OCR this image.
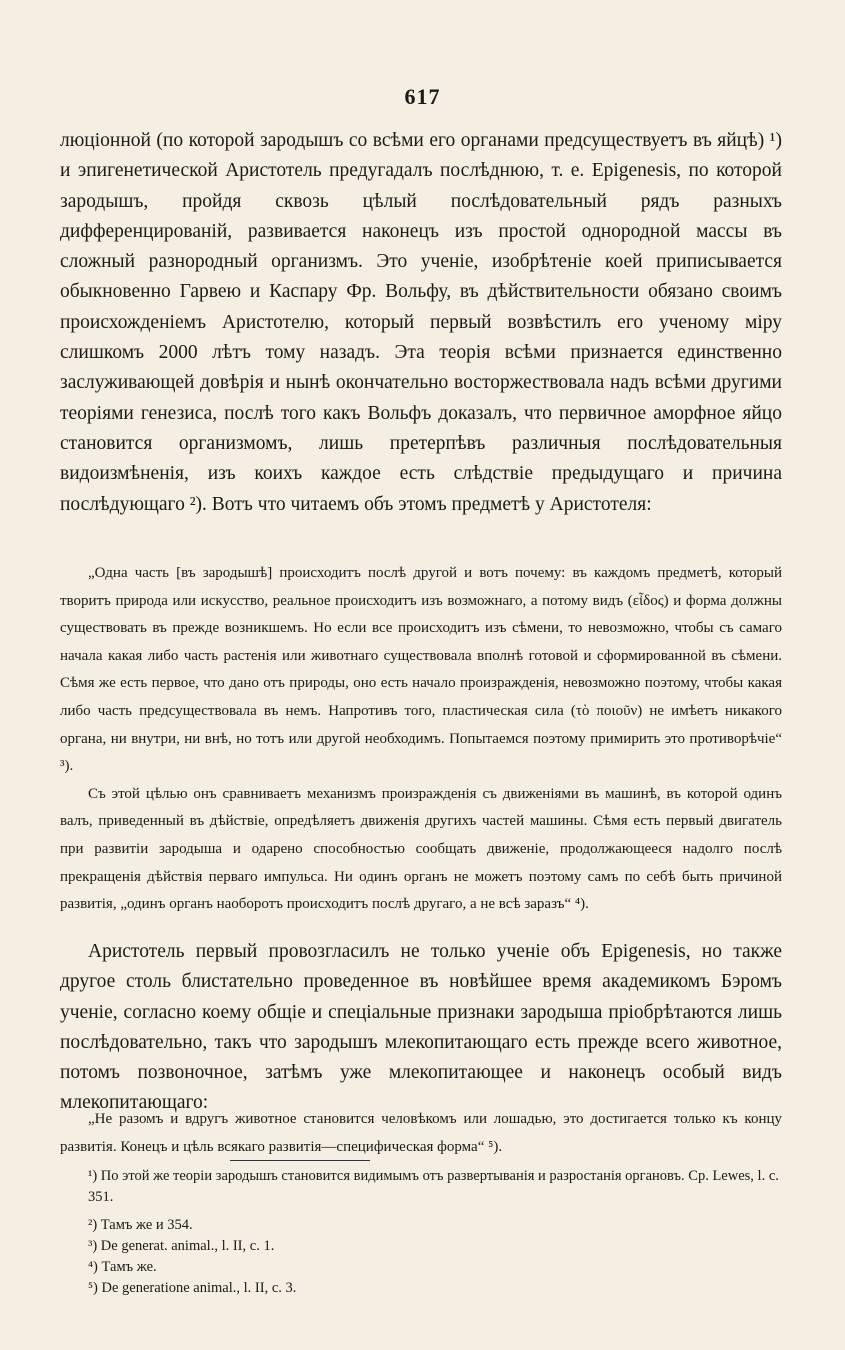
617

люціонной (по которой зародышъ со всѣми его органами предсуществуетъ въ яйцѣ) ¹) и эпигенетической Аристотель предугадалъ послѣднюю, т. е. Epigenesis, по которой зародышъ, пройдя сквозь цѣлый послѣдовательный рядъ разныхъ дифференцированій, развивается наконецъ изъ простой однородной массы въ сложный разнородный организмъ. Это ученіе, изобрѣтеніе коей приписывается обыкновенно Гарвею и Каспару Фр. Вольфу, въ дѣйствительности обязано своимъ происхожденіемъ Аристотелю, который первый возвѣстилъ его ученому міру слишкомъ 2000 лѣтъ тому назадъ. Эта теорія всѣми признается единственно заслуживающей довѣрія и нынѣ окончательно восторжествовала надъ всѣми другими теоріями генезиса, послѣ того какъ Вольфъ доказалъ, что первичное аморфное яйцо становится организмомъ, лишь претерпѣвъ различныя послѣдовательныя видоизмѣненія, изъ коихъ каждое есть слѣдствіе предыдущаго и причина послѣдующаго ²). Вотъ что читаемъ объ этомъ предметѣ у Аристотеля:

„Одна часть [въ зародышѣ] происходитъ послѣ другой и вотъ почему: въ каждомъ предметѣ, который творитъ природа или искусство, реальное происходитъ изъ возможнаго, а потому видъ (εἶδος) и форма должны существовать въ прежде возникшемъ. Но если все происходитъ изъ сѣмени, то невозможно, чтобы съ самаго начала какая либо часть растенія или животнаго существовала вполнѣ готовой и сформированной въ сѣмени. Сѣмя же есть первое, что дано отъ природы, оно есть начало произражденія, невозможно поэтому, чтобы какая либо часть предсуществовала въ немъ. Напротивъ того, пластическая сила (τὸ ποιοῦν) не имѣетъ никакого органа, ни внутри, ни внѣ, но тотъ или другой необходимъ. Попытаемся поэтому примирить это противорѣчіе“ ³).

Съ этой цѣлью онъ сравниваетъ механизмъ произражденія съ движеніями въ машинѣ, въ которой одинъ валъ, приведенный въ дѣйствіе, опредѣляетъ движенія другихъ частей машины. Сѣмя есть первый двигатель при развитіи зародыша и одарено способностью сообщать движеніе, продолжающееся надолго послѣ прекращенія дѣйствія перваго импульса. Ни одинъ органъ не можетъ поэтому самъ по себѣ быть причиной развитія, „одинъ органъ наоборотъ происходитъ послѣ другаго, а не всѣ заразъ“ ⁴).

Аристотель первый провозгласилъ не только ученіе объ Epigenesis, но также другое столь блистательно проведенное въ новѣйшее время академикомъ Бэромъ ученіе, согласно коему общіе и спеціальные признаки зародыша пріобрѣтаются лишь послѣдовательно, такъ что зародышъ млекопитающаго есть прежде всего животное, потомъ позвоночное, затѣмъ уже млекопитающее и наконецъ особый видъ млекопитающаго:

„Не разомъ и вдругъ животное становится человѣкомъ или лошадью, это достигается только къ концу развитія. Конецъ и цѣль всякаго развитія—специфическая форма“ ⁵).

¹) По этой же теоріи зародышъ становится видимымъ отъ развертыванія и разростанія органовъ. Ср. Lewes, l. c. 351.

²) Тамъ же и 354.

³) De generat. animal., l. II, c. 1.

⁴) Тамъ же.

⁵) De generatione animal., l. II, c. 3.
